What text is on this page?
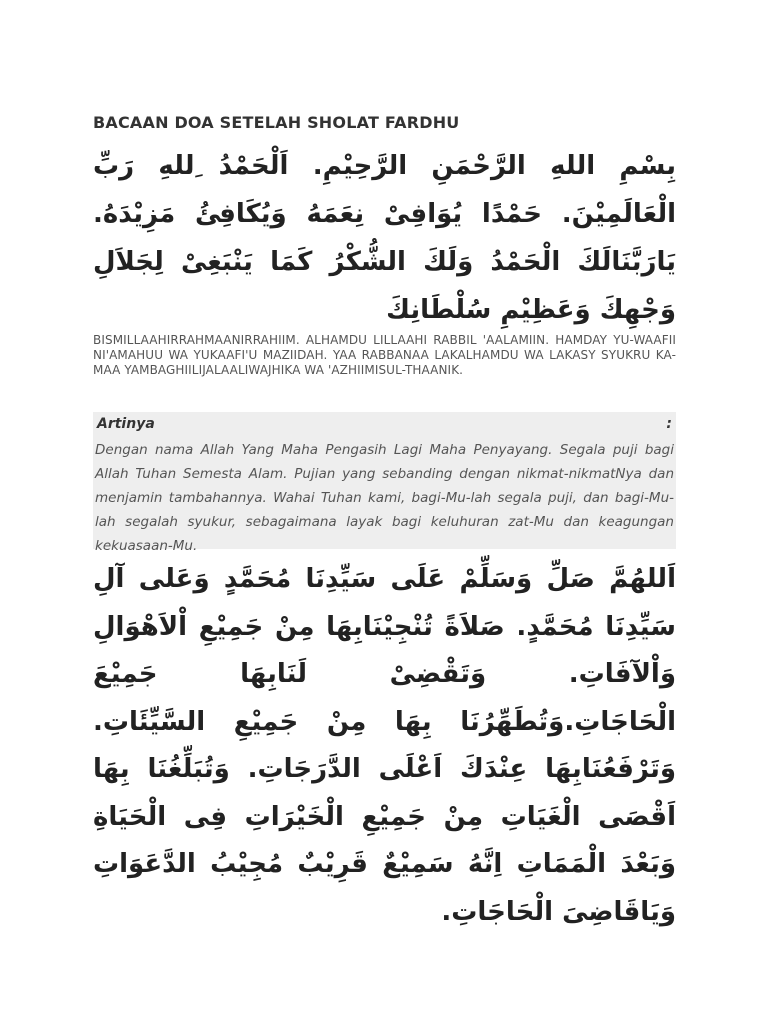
BACAAN DOA SETELAH SHOLAT FARDHU
بِسْمِ اللهِ الرَّحْمَنِ الرَّحِيْمِ. اَلْحَمْدُ ِللهِ رَبِّ الْعَالَمِيْنَ. حَمْدًا يُوَافِىْ نِعَمَهُ وَيُكَافِئُ مَزِيْدَهُ. يَارَبَّنَالَكَ الْحَمْدُ وَلَكَ الشُّكْرُ كَمَا يَنْبَغِىْ لِجَلاَلِ وَجْهِكَ وَعَظِيْمِ سُلْطَانِكَ
BISMILLAAHIRRAHMAANIRRAHIIM. ALHAMDU LILLAAHI RABBIL 'AALAMIIN. HAMDAY YU-WAAFII NI'AMAHUU WA YUKAAFI'U MAZIIDAH. YAA RABBANAA LAKALHAMDU WA LAKASY SYUKRU KA-MAA YAMBAGHIILIJALAALIWAJHIKA WA 'AZHIIMISUL-THAANIK.
Artinya	:
Dengan nama Allah Yang Maha Pengasih Lagi Maha Penyayang. Segala puji bagi Allah Tuhan Semesta Alam. Pujian yang sebanding dengan nikmat-nikmatNya dan menjamin tambahannya. Wahai Tuhan kami, bagi-Mu-lah segala puji, dan bagi-Mu-lah segalah syukur, sebagaimana layak bagi keluhuran zat-Mu dan keagungan kekuasaan-Mu.
اَللهُمَّ صَلِّ وَسَلِّمْ عَلَى سَيِّدِنَا مُحَمَّدٍ وَعَلى آلِ سَيِّدِنَا مُحَمَّدٍ. صَلاَةً تُنْجِيْنَابِهَا مِنْ جَمِيْعِ اْلاَهْوَالِ وَاْلآفَاتِ. وَتَقْضِىْ لَنَابِهَا جَمِيْعَ الْحَاجَاتِ.وَتُطَهِّرُنَا بِهَا مِنْ جَمِيْعِ السَّيِّئَاتِ. وَتَرْفَعُنَابِهَا عِنْدَكَ اَعْلَى الدَّرَجَاتِ. وَتُبَلِّغُنَا بِهَا اَقْصَى الْغَيَاتِ مِنْ جَمِيْعِ الْخَيْرَاتِ فِى الْحَيَاةِ وَبَعْدَ الْمَمَاتِ اِنَّهُ سَمِيْعٌ قَرِيْبٌ مُجِيْبُ الدَّعَوَاتِ وَيَاقَاضِىَ الْحَاجَاتِ.
